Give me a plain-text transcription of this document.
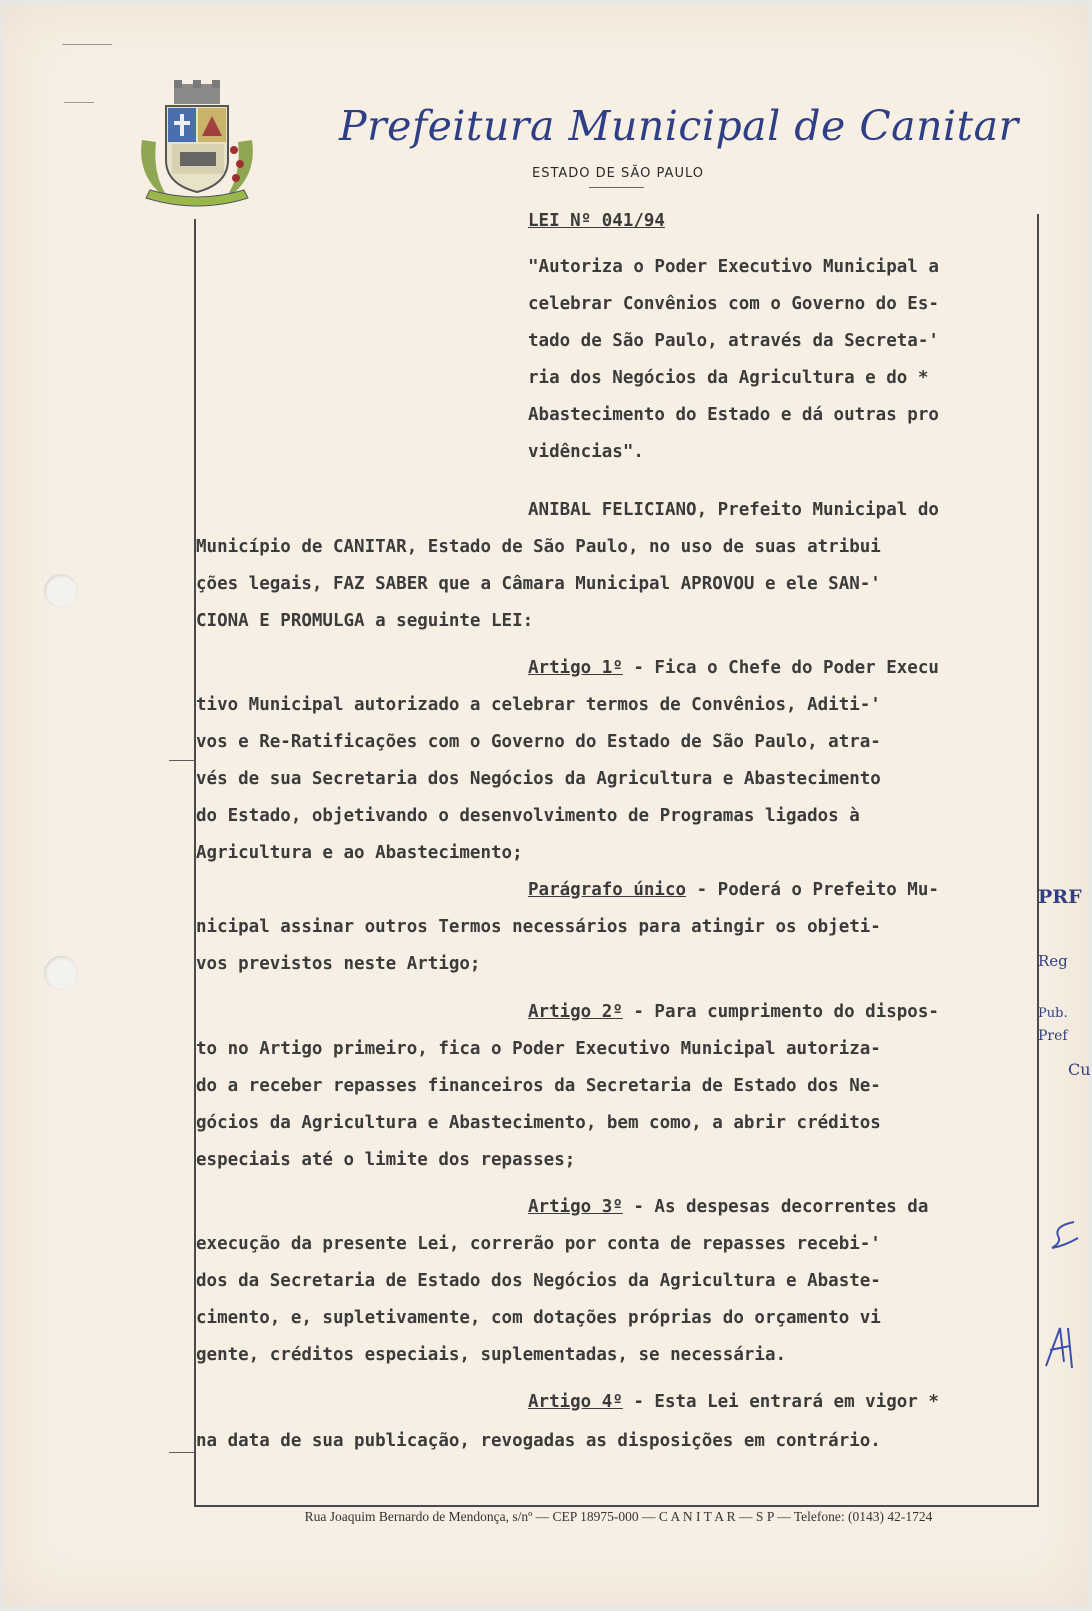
Prefeitura Municipal de Canitar
ESTADO DE SÃO PAULO
LEI Nº 041/94
"Autoriza o Poder Executivo Municipal a
celebrar Convênios com o Governo do Es-
tado de São Paulo, através da Secreta-'
ria dos Negócios da Agricultura e do *
Abastecimento do Estado e dá outras pro
vidências".
ANIBAL FELICIANO, Prefeito Municipal do
Município de CANITAR, Estado de São Paulo, no uso de suas atribui
ções legais, FAZ SABER que a Câmara Municipal APROVOU e ele SAN-'
CIONA E PROMULGA a seguinte LEI:
Artigo 1º - Fica o Chefe do Poder Execu
tivo Municipal autorizado a celebrar termos de Convênios, Aditi-'
vos e Re-Ratificações com o Governo do Estado de São Paulo, atra-
vés de sua Secretaria dos Negócios da Agricultura e Abastecimento
do Estado, objetivando o desenvolvimento de Programas ligados à
Agricultura e ao Abastecimento;
Parágrafo único - Poderá o Prefeito Mu-
nicipal assinar outros Termos necessários para atingir os objeti-
vos previstos neste Artigo;
Artigo 2º - Para cumprimento do dispos-
to no Artigo primeiro, fica o Poder Executivo Municipal autoriza-
do a receber repasses financeiros da Secretaria de Estado dos Ne-
gócios da Agricultura e Abastecimento, bem como, a abrir créditos
especiais até o limite dos repasses;
Artigo 3º - As despesas decorrentes da
execução da presente Lei, correrão por conta de repasses recebi-'
dos da Secretaria de Estado dos Negócios da Agricultura e Abaste-
cimento, e, supletivamente, com dotações próprias do orçamento vi
gente, créditos especiais, suplementadas, se necessária.
Artigo 4º - Esta Lei entrará em vigor *
na data de sua publicação, revogadas as disposições em contrário.
Rua Joaquim Bernardo de Mendonça, s/nº — CEP 18975-000 — C A N I T A R — S P — Telefone: (0143) 42-1724
PRF
Reg
Pub.
Pref
Cu
